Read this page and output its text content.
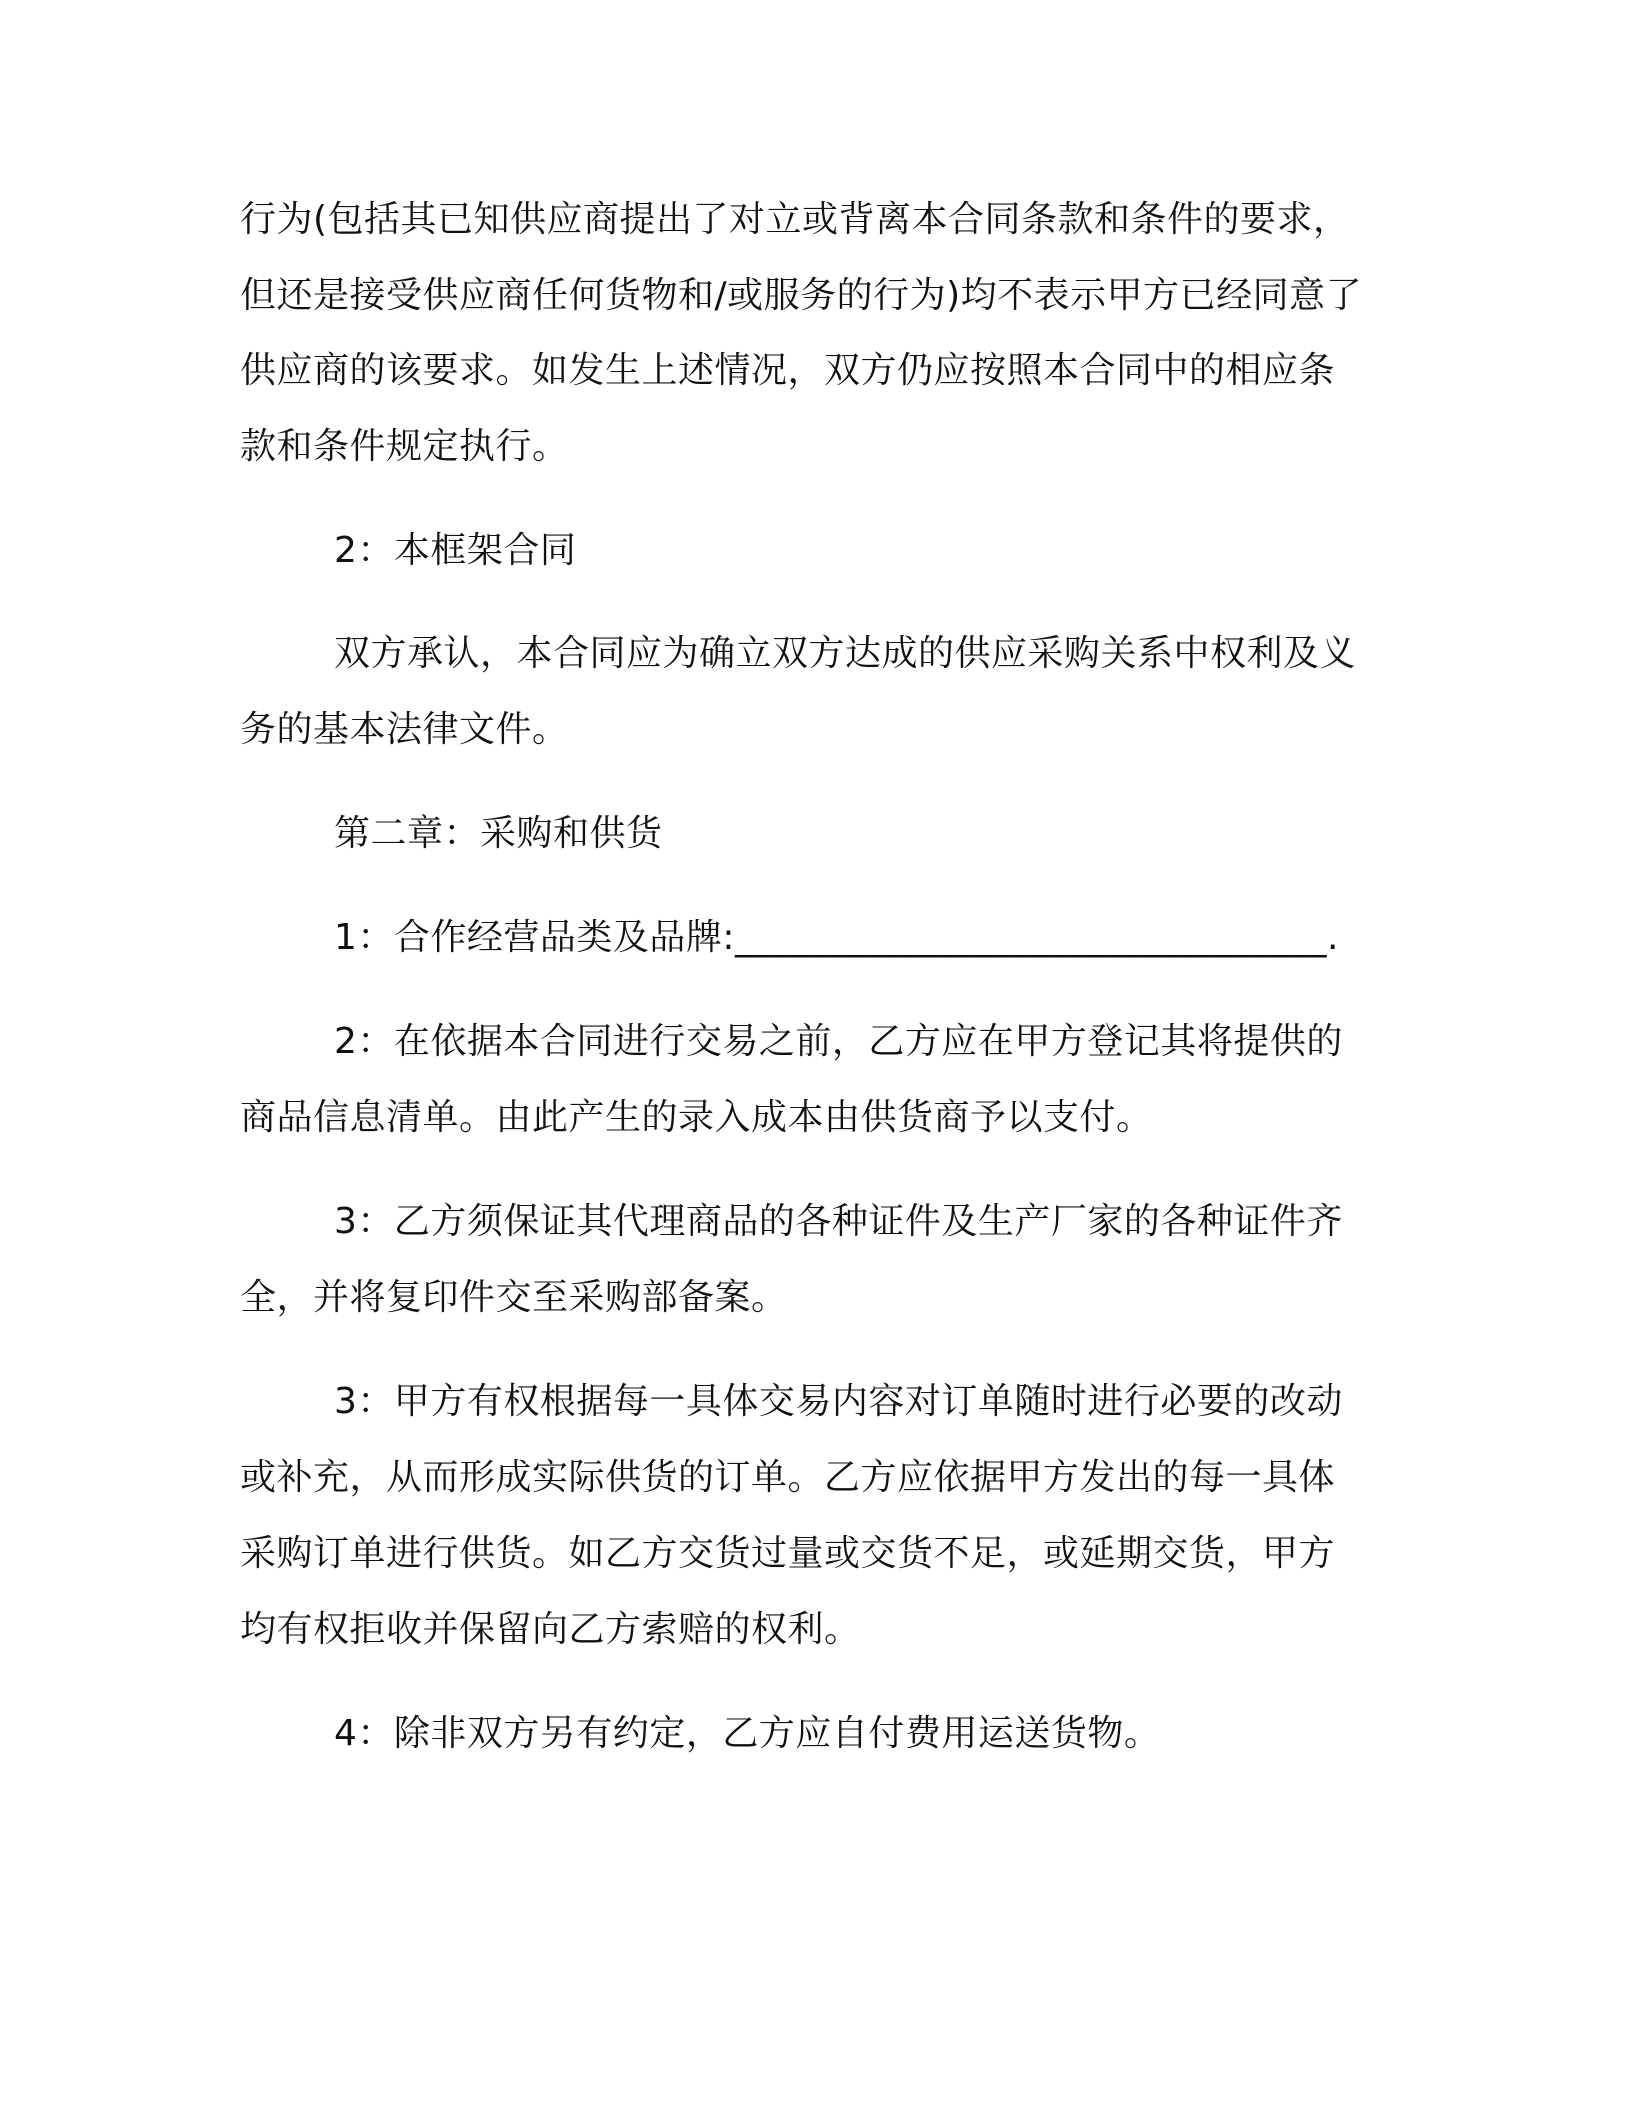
行为(包括其已知供应商提出了对立或背离本合同条款和条件的要求，
但还是接受供应商任何货物和/或服务的行为)均不表示甲方已经同意了
供应商的该要求。如发生上述情况，双方仍应按照本合同中的相应条
款和条件规定执行。
2：本框架合同
双方承认，本合同应为确立双方达成的供应采购关系中权利及义
务的基本法律文件。
第二章：采购和供货
1：合作经营品类及品牌:________________________________.
2：在依据本合同进行交易之前，乙方应在甲方登记其将提供的
商品信息清单。由此产生的录入成本由供货商予以支付。
3：乙方须保证其代理商品的各种证件及生产厂家的各种证件齐
全，并将复印件交至采购部备案。
3：甲方有权根据每一具体交易内容对订单随时进行必要的改动
或补充，从而形成实际供货的订单。乙方应依据甲方发出的每一具体
采购订单进行供货。如乙方交货过量或交货不足，或延期交货，甲方
均有权拒收并保留向乙方索赔的权利。
4：除非双方另有约定，乙方应自付费用运送货物。
